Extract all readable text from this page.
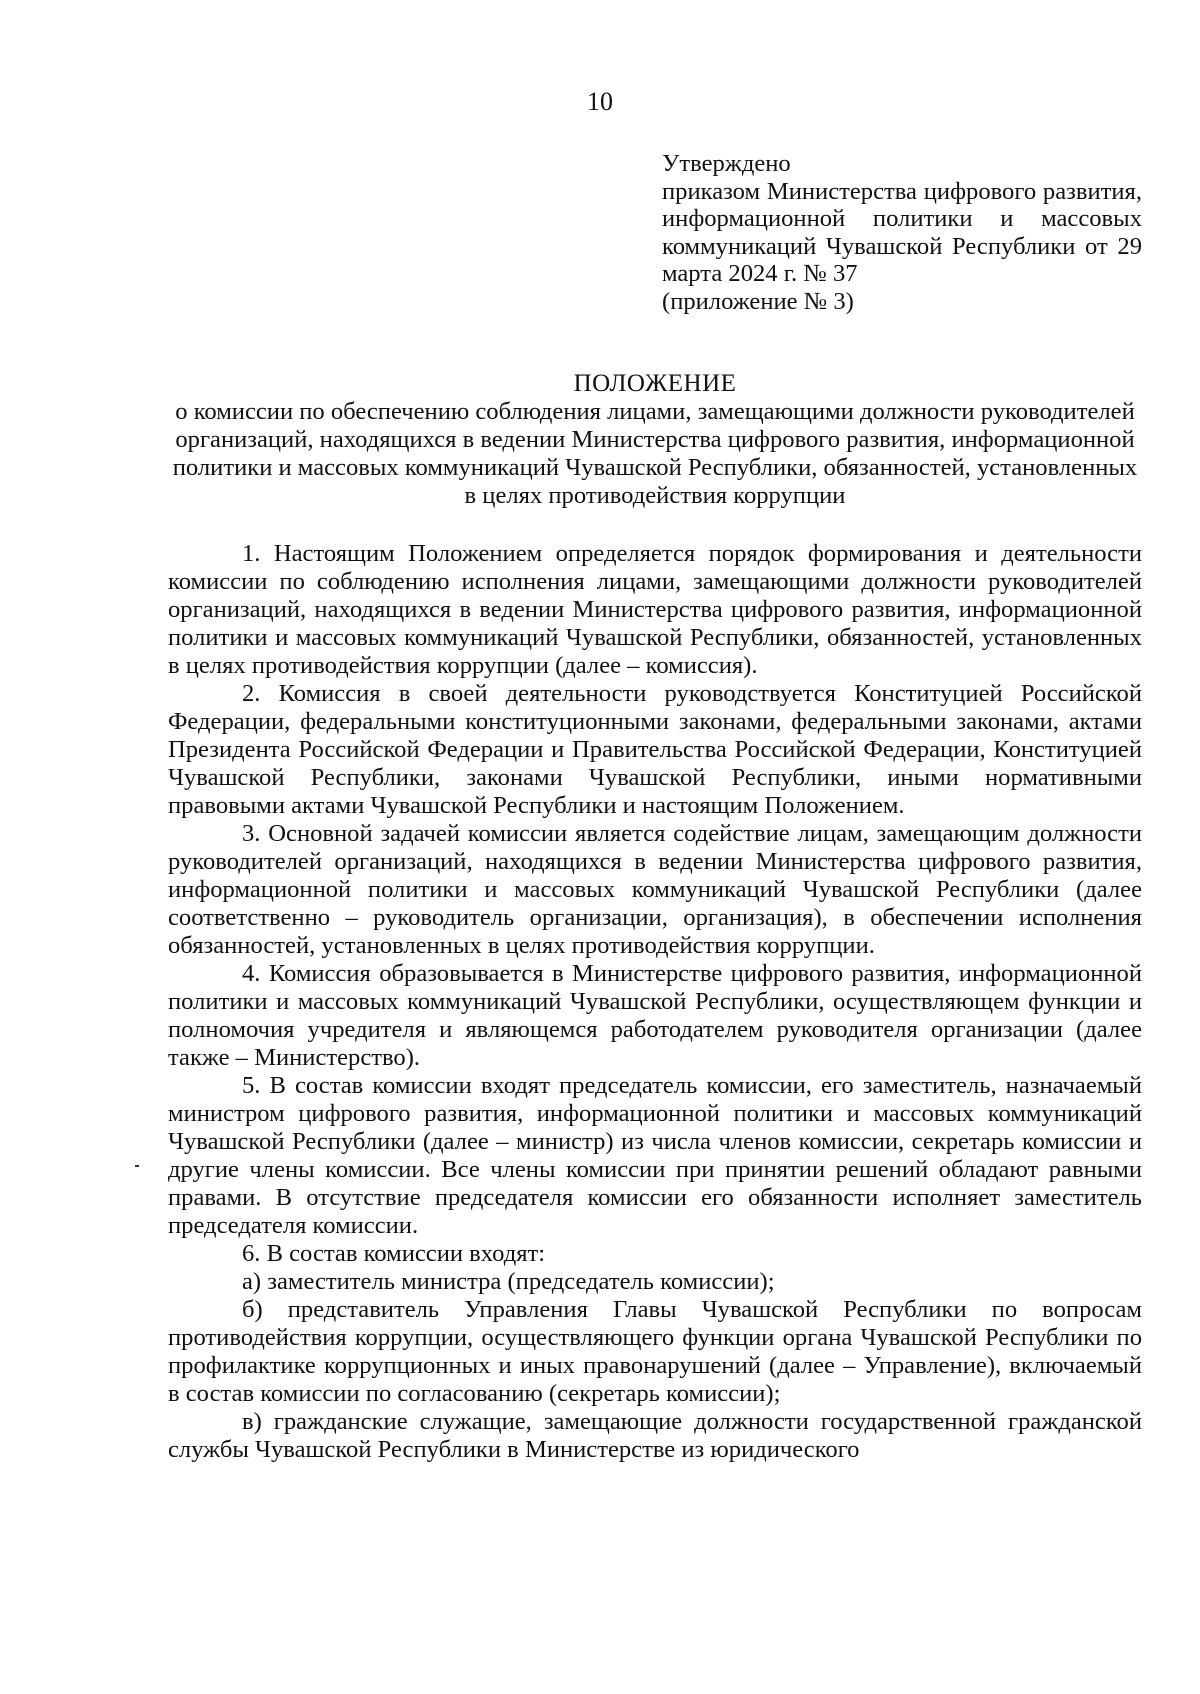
10
Утверждено
приказом Министерства цифрового развития, информационной политики и массовых коммуникаций Чувашской Республики от 29 марта 2024 г. № 37
(приложение № 3)
ПОЛОЖЕНИЕ
о комиссии по обеспечению соблюдения лицами, замещающими должности руководителей организаций, находящихся в ведении Министерства цифрового развития, информационной политики и массовых коммуникаций Чувашской Республики, обязанностей, установленных в целях противодействия коррупции

1. Настоящим Положением определяется порядок формирования и деятельности комиссии по соблюдению исполнения лицами, замещающими должности руководителей организаций, находящихся в ведении Министерства цифрового развития, информационной политики и массовых коммуникаций Чувашской Республики, обязанностей, установленных в целях противодействия коррупции (далее – комиссия).

2. Комиссия в своей деятельности руководствуется Конституцией Российской Федерации, федеральными конституционными законами, федеральными законами, актами Президента Российской Федерации и Правительства Российской Федерации, Конституцией Чувашской Республики, законами Чувашской Республики, иными нормативными правовыми актами Чувашской Республики и настоящим Положением.

3. Основной задачей комиссии является содействие лицам, замещающим должности руководителей организаций, находящихся в ведении Министерства цифрового развития, информационной политики и массовых коммуникаций Чувашской Республики (далее соответственно – руководитель организации, организация), в обеспечении исполнения обязанностей, установленных в целях противодействия коррупции.

4. Комиссия образовывается в Министерстве цифрового развития, информационной политики и массовых коммуникаций Чувашской Республики, осуществляющем функции и полномочия учредителя и являющемся работодателем руководителя организации (далее также – Министерство).

5. В состав комиссии входят председатель комиссии, его заместитель, назначаемый министром цифрового развития, информационной политики и массовых коммуникаций Чувашской Республики (далее – министр) из числа членов комиссии, секретарь комиссии и другие члены комиссии. Все члены комиссии при принятии решений обладают равными правами. В отсутствие председателя комиссии его обязанности исполняет заместитель председателя комиссии.

6. В состав комиссии входят:

а) заместитель министра (председатель комиссии);

б) представитель Управления Главы Чувашской Республики по вопросам противодействия коррупции, осуществляющего функции органа Чувашской Республики по профилактике коррупционных и иных правонарушений (далее – Управление), включаемый в состав комиссии по согласованию (секретарь комиссии);

в) гражданские служащие, замещающие должности государственной гражданской службы Чувашской Республики в Министерстве из юридического
